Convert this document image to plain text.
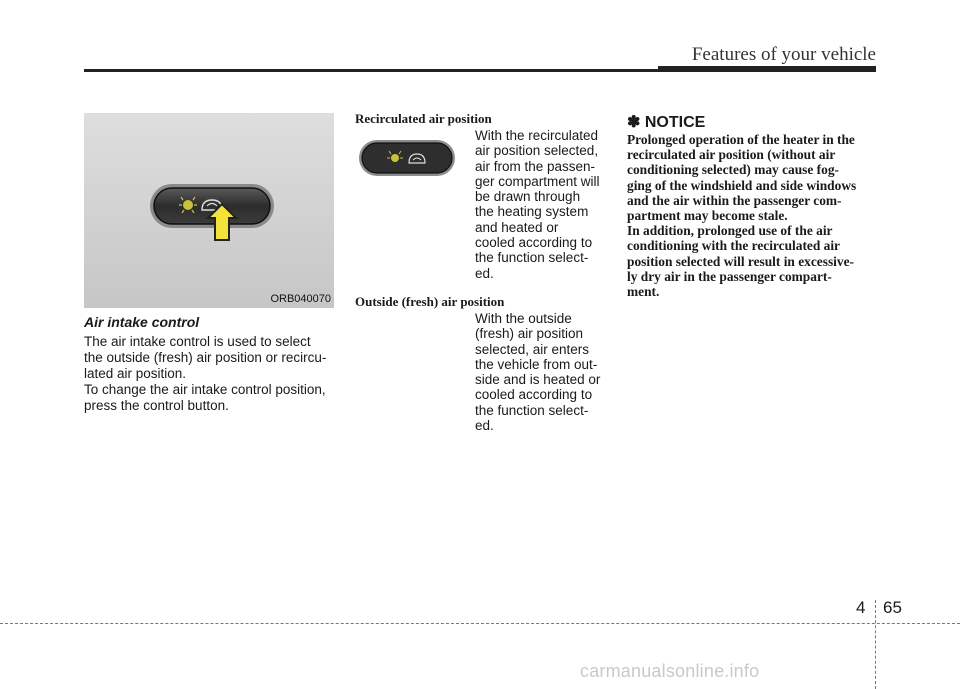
Features of your vehicle
ORB040070
Air intake control
The air intake control is used to select
the outside (fresh) air position or recircu-
lated air position.
To change the air intake control position,
press the control button.
Recirculated air position
With the recirculated
air position selected,
air from the passen-
ger compartment will
be drawn through
the heating system
and heated or
cooled according to
the function select-
ed.
Outside (fresh) air position
With the outside
(fresh) air position
selected, air enters
the vehicle from out-
side and is heated or
cooled according to
the function select-
ed.
✽ NOTICE
Prolonged operation of the heater in the
recirculated air position (without air
conditioning selected) may cause fog-
ging of the windshield and side windows
and the air within the passenger com-
partment may become stale.
In addition, prolonged use of the air
conditioning with the recirculated air
position selected will result in excessive-
ly dry air in the passenger compart-
ment.
4 65
carmanualsonline.info
